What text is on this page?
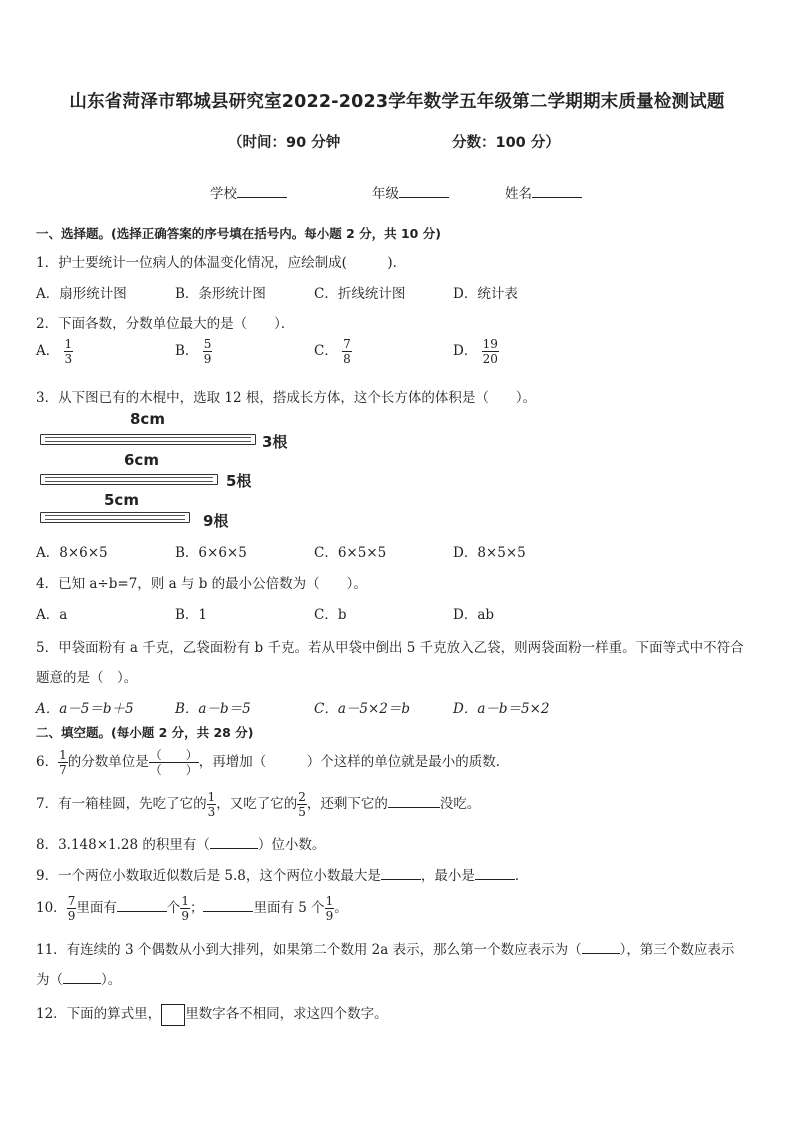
山东省菏泽市郓城县研究室2022-2023学年数学五年级第二学期期末质量检测试题
（时间：90 分钟	分数：100 分）
学校	年级	姓名
一、选择题。(选择正确答案的序号填在括号内。每小题 2 分，共 10 分)
1．护士要统计一位病人的体温变化情况，应绘制成(　　　)．
A．扇形统计图	B．条形统计图	C．折线统计图	D．统计表
2．下面各数，分数单位最大的是（　　）．
A． $\frac{1}{3}$	B． $\frac{5}{9}$	C． $\frac{7}{8}$	D． $\frac{19}{20}$
3．从下图已有的木棍中，选取 12 根，搭成长方体，这个长方体的体积是（　　）。
8cm
3根
6cm
5根
5cm
9根
A．8×6×5	B．6×6×5	C．6×5×5	D．8×5×5
4．已知 a÷b=7，则 a 与 b 的最小公倍数为（　　）。
A．a	B．1	C．b	D．ab
5．甲袋面粉有 a 千克，乙袋面粉有 b 千克。若从甲袋中倒出 5 千克放入乙袋，则两袋面粉一样重。下面等式中不符合
题意的是（　）。
A．a－5＝b＋5	B．a－b＝5	C．a－5×2＝b	D．a－b＝5×2
二、填空题。(每小题 2 分，共 28 分)
6． $\frac{1}{7}$ 的分数单位是 $\frac{( )}{( )}$ ，再增加（　　　）个这样的单位就是最小的质数．
7．有一箱桂圆，先吃了它的 $\frac{1}{3}$ ，又吃了它的 $\frac{2}{5}$ ，还剩下它的	没吃。
8．3.148×1.28 的积里有（	）位小数。
9．一个两位小数取近似数后是 5.8，这个两位小数最大是	，最小是	．
10． $\frac{7}{9}$ 里面有	个 $\frac{1}{9}$ ；	里面有 5 个 $\frac{1}{9}$ 。
11．有连续的 3 个偶数从小到大排列，如果第二个数用 2a 表示，那么第一个数应表示为（	），第三个数应表示
为（	）。
12．下面的算式里， 里数字各不相同，求这四个数字。
